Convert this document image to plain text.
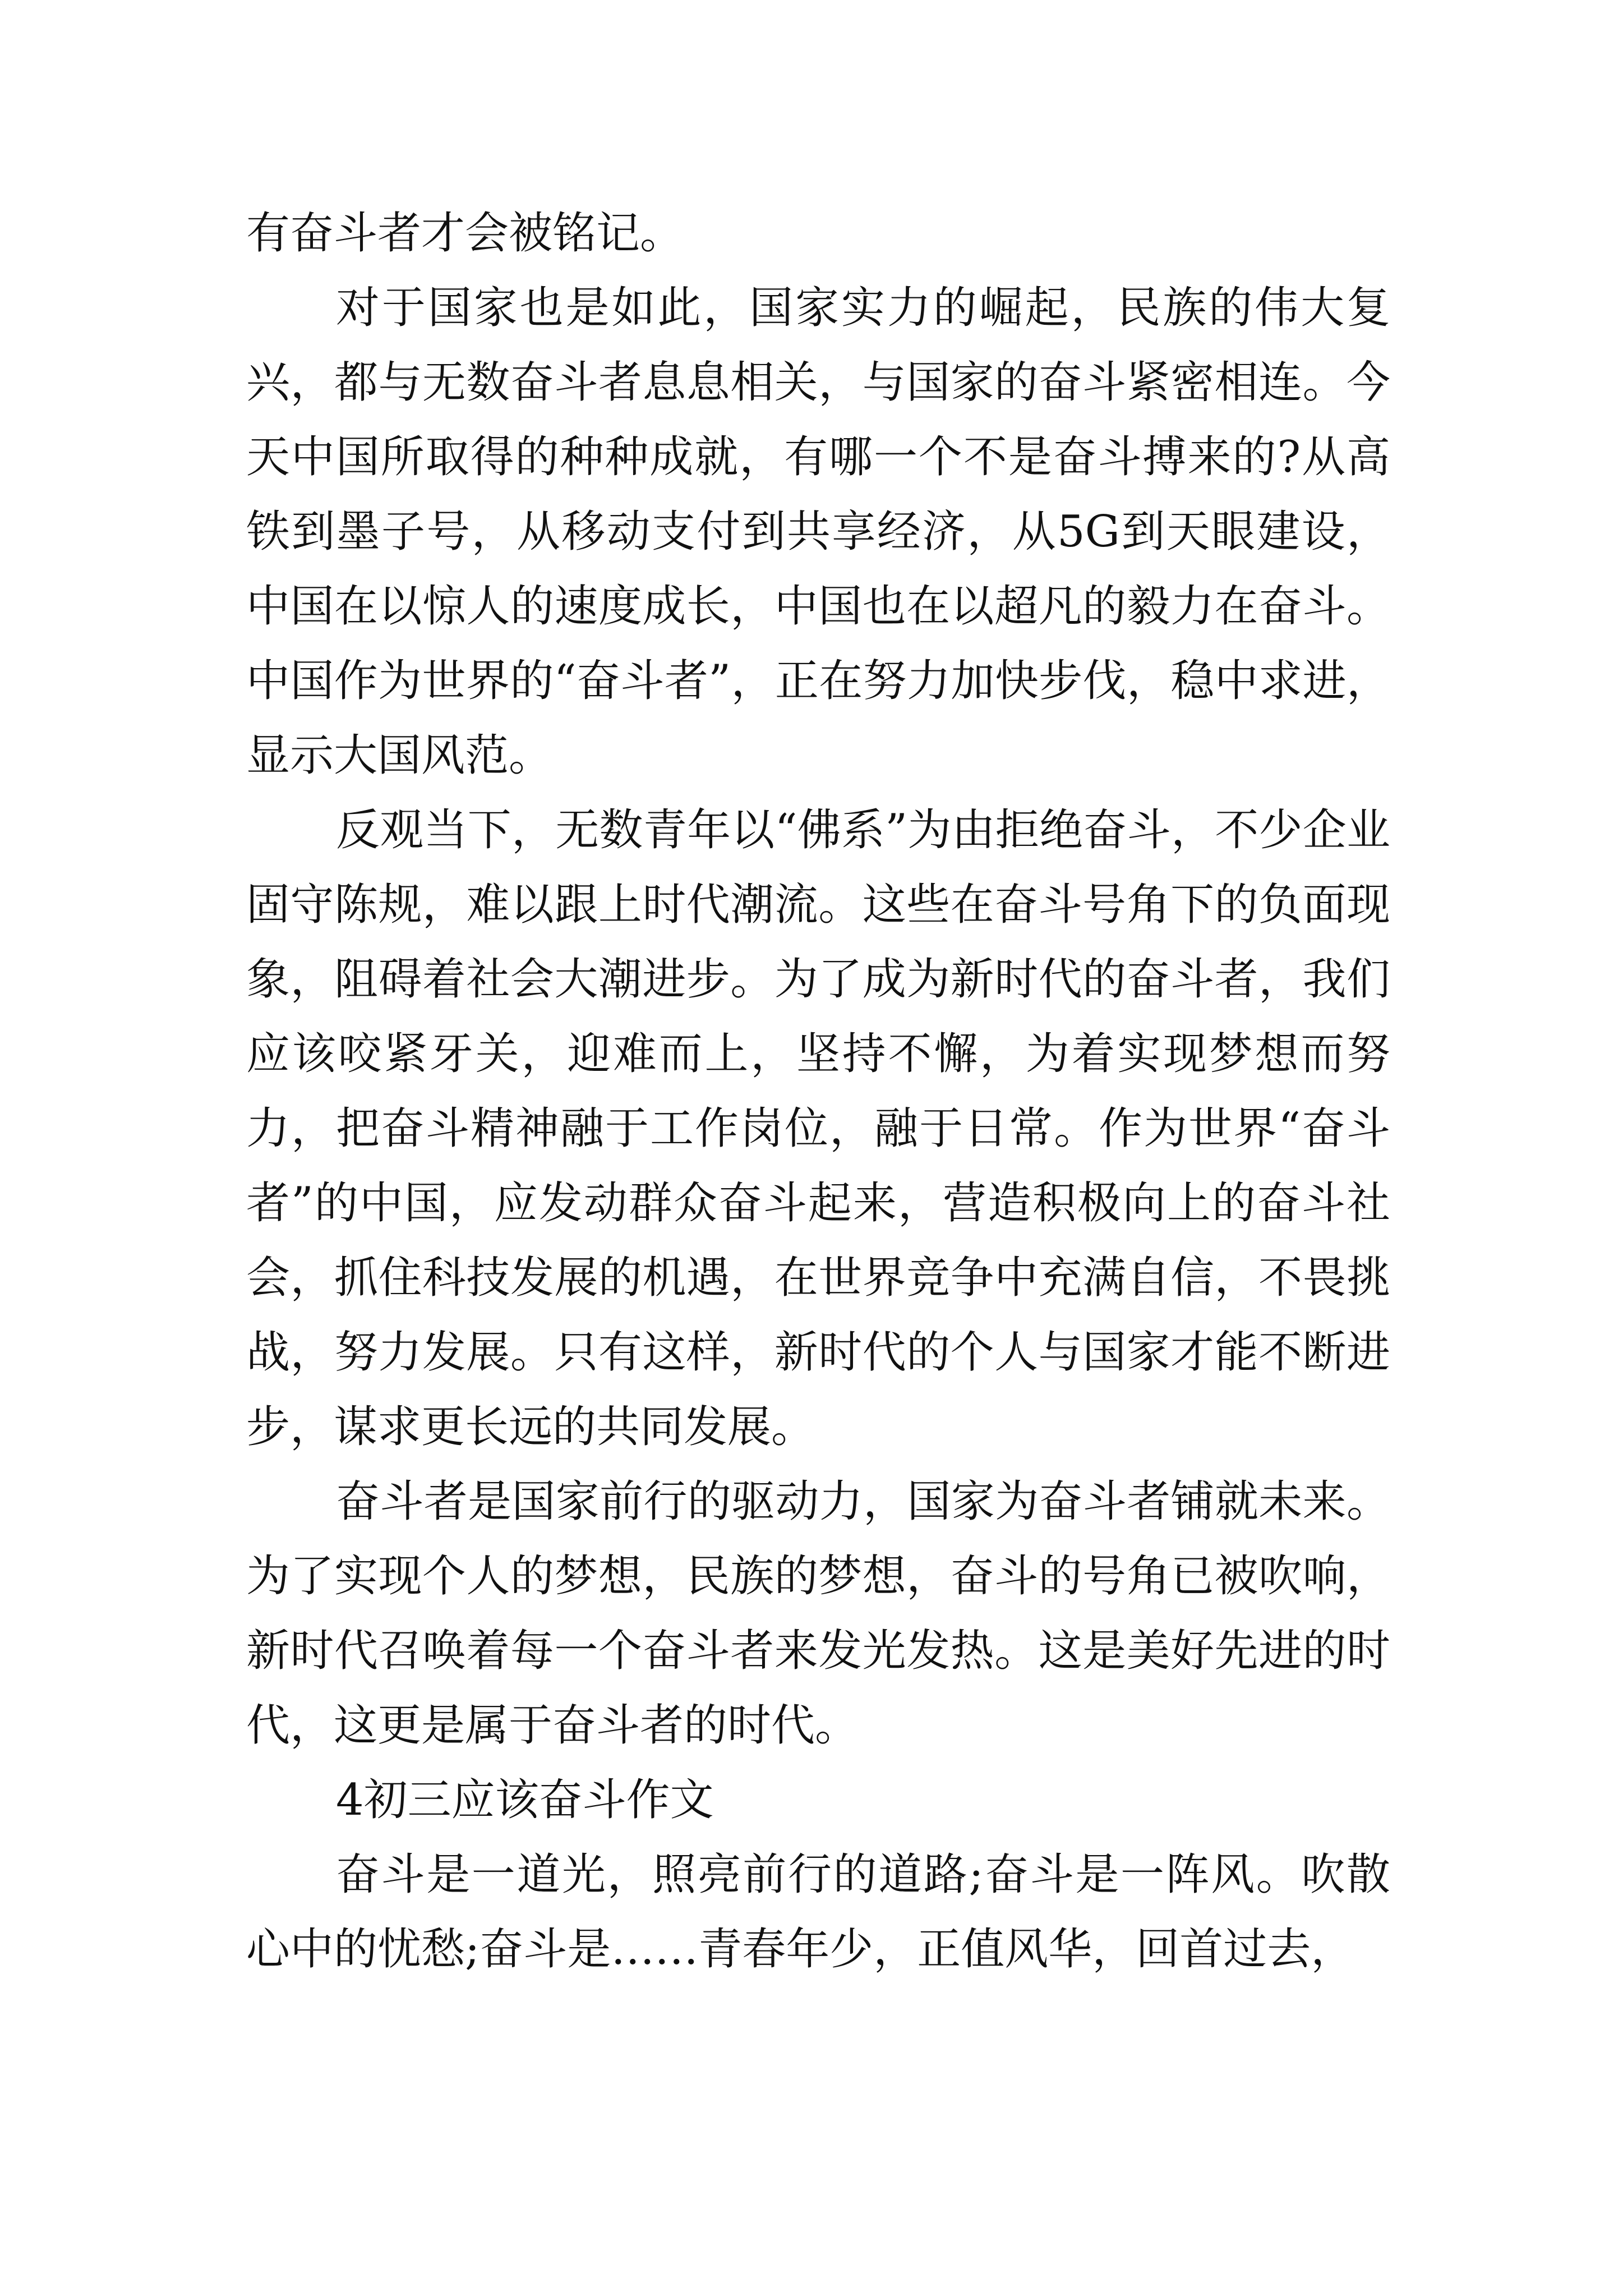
有奋斗者才会被铭记。

对于国家也是如此，国家实力的崛起，民族的伟大复兴，都与无数奋斗者息息相关，与国家的奋斗紧密相连。今天中国所取得的种种成就，有哪一个不是奋斗搏来的?从高铁到墨子号，从移动支付到共享经济，从5G到天眼建设，中国在以惊人的速度成长，中国也在以超凡的毅力在奋斗。中国作为世界的“奋斗者”，正在努力加快步伐，稳中求进，显示大国风范。

反观当下，无数青年以“佛系”为由拒绝奋斗，不少企业固守陈规，难以跟上时代潮流。这些在奋斗号角下的负面现象，阻碍着社会大潮进步。为了成为新时代的奋斗者，我们应该咬紧牙关，迎难而上，坚持不懈，为着实现梦想而努力，把奋斗精神融于工作岗位，融于日常。作为世界“奋斗者”的中国，应发动群众奋斗起来，营造积极向上的奋斗社会，抓住科技发展的机遇，在世界竞争中充满自信，不畏挑战，努力发展。只有这样，新时代的个人与国家才能不断进步，谋求更长远的共同发展。

奋斗者是国家前行的驱动力，国家为奋斗者铺就未来。为了实现个人的梦想，民族的梦想，奋斗的号角已被吹响，新时代召唤着每一个奋斗者来发光发热。这是美好先进的时代，这更是属于奋斗者的时代。

4初三应该奋斗作文

奋斗是一道光，照亮前行的道路;奋斗是一阵风。吹散心中的忧愁;奋斗是……青春年少，正值风华，回首过去，
